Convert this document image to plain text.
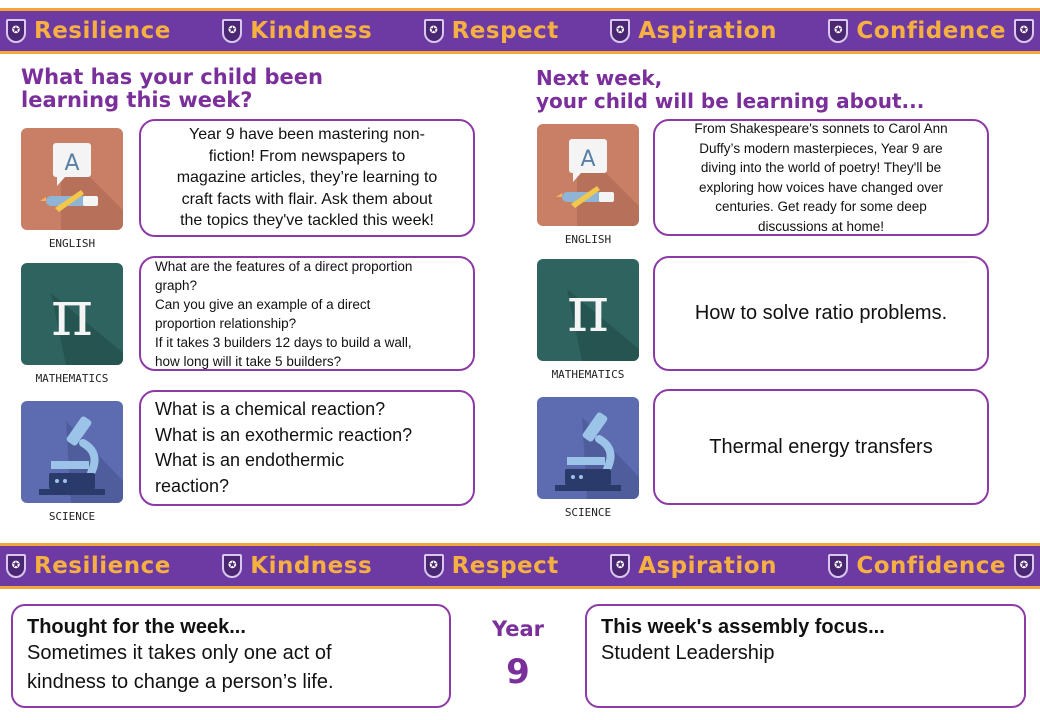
✪ Resilience	✪ Kindness	✪ Respect	✪ Aspiration	✪ Confidence	✪
What has your child been
learning this week?
Next week,
your child will be learning about...
A
ENGLISH
π
MATHEMATICS
SCIENCE

Year 9 have been mastering non-
fiction! From newspapers to
magazine articles, they’re learning to
craft facts with flair. Ask them about
the topics they've tackled this week!

What are the features of a direct proportion
graph?
Can you give an example of a direct
proportion relationship?
If it takes 3 builders 12 days to build a wall,
how long will it take 5 builders?

What is a chemical reaction?
What is an exothermic reaction?
What is an endothermic
reaction?

A
ENGLISH
π
MATHEMATICS
SCIENCE

From Shakespeare's sonnets to Carol Ann
Duffy’s modern masterpieces, Year 9 are
diving into the world of poetry! They'll be
exploring how voices have changed over
centuries. Get ready for some deep
discussions at home!

How to solve ratio problems.

Thermal energy transfers

✪ Resilience	✪ Kindness	✪ Respect	✪ Aspiration	✪ Confidence	✪
Thought for the week...
Sometimes it takes only one act of
kindness to change a person’s life.
Year
9
This week's assembly focus...
Student Leadership
